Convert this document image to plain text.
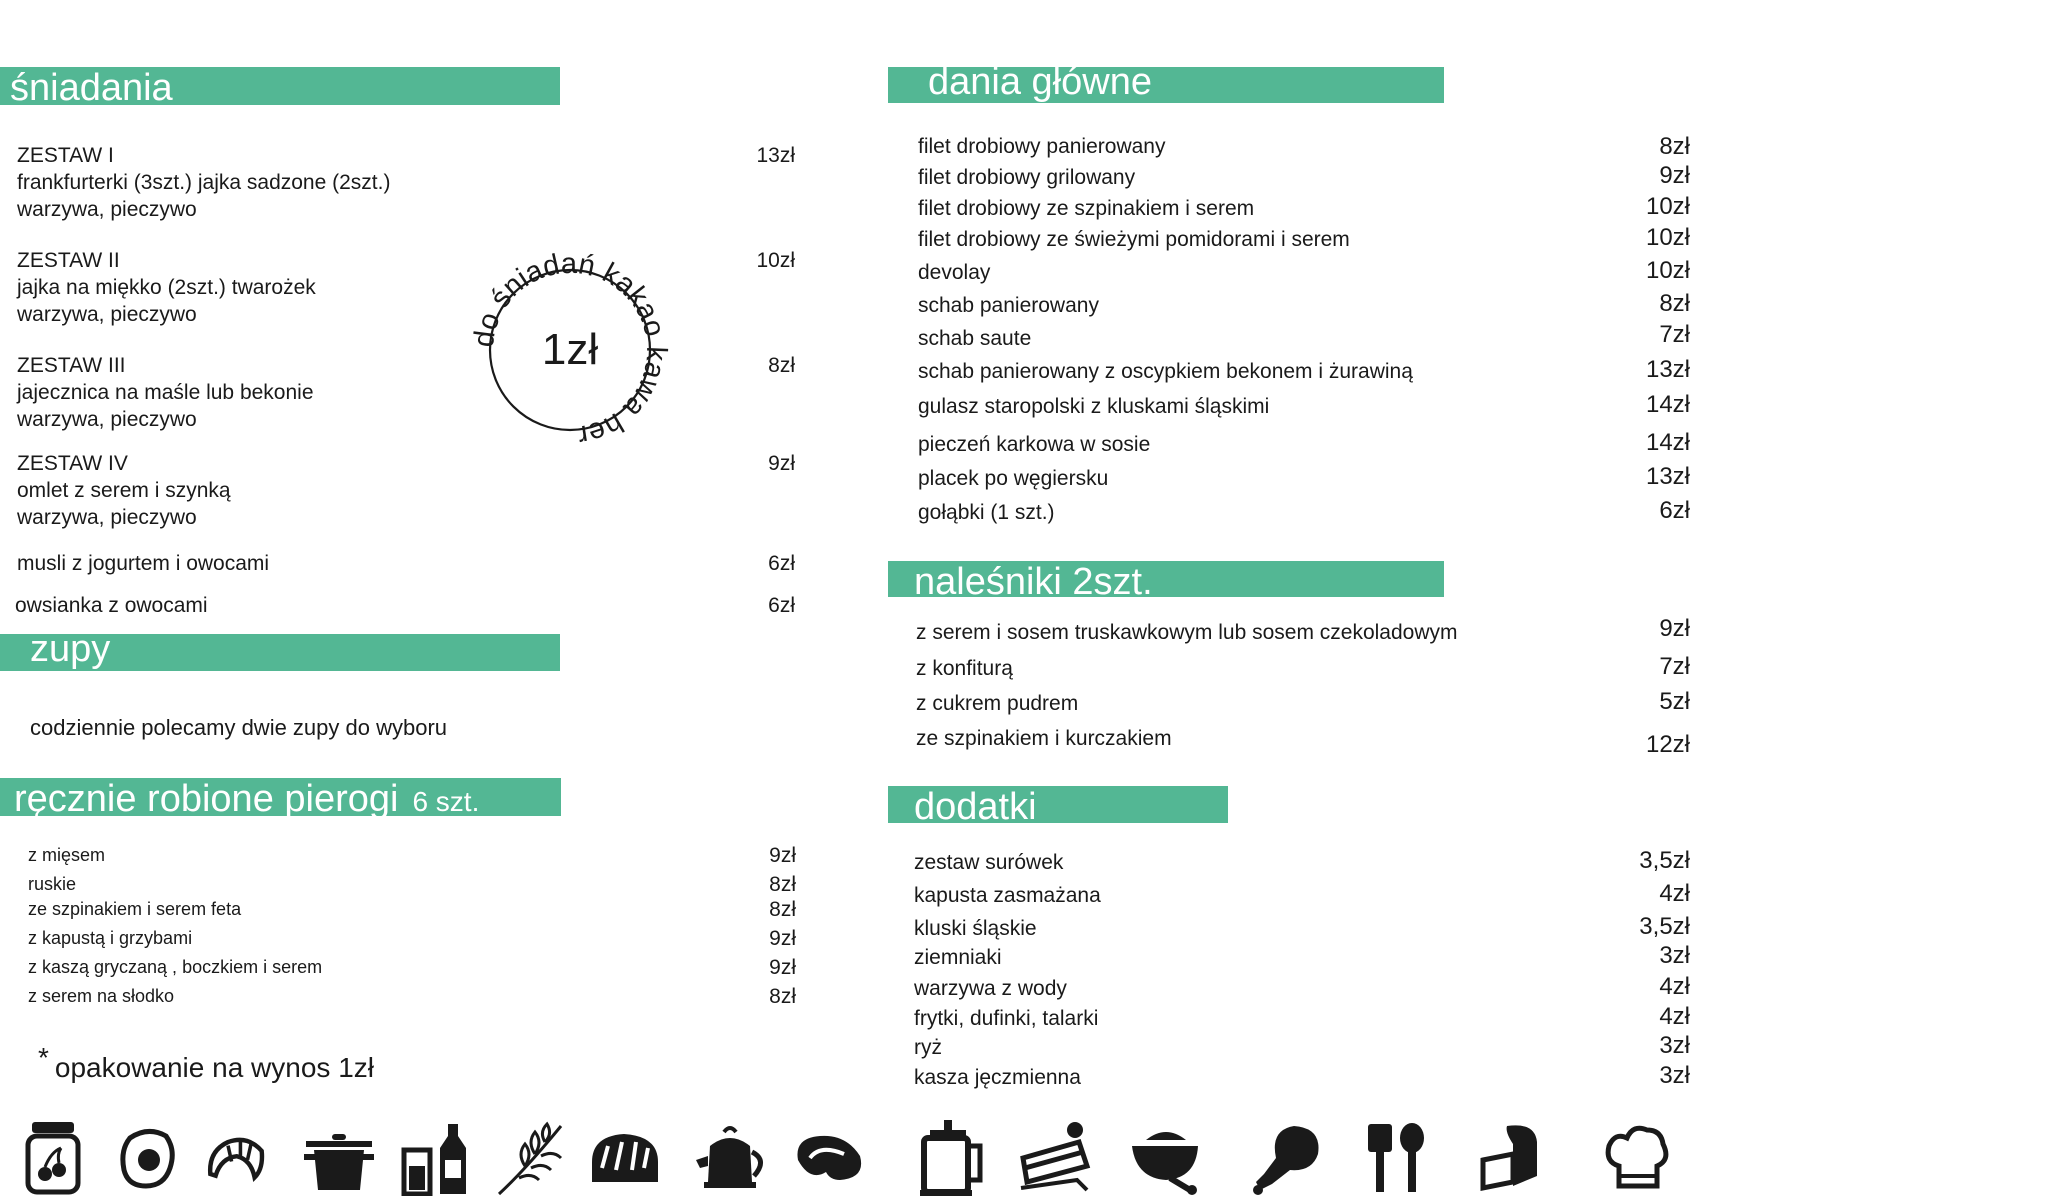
śniadania
ZESTAW I
frankfurterki (3szt.) jajka sadzone (2szt.)
warzywa, pieczywo
13zł
ZESTAW II
jajka na miękko (2szt.) twarożek
warzywa, pieczywo
10zł
ZESTAW III
jajecznica na maśle lub bekonie
warzywa, pieczywo
8zł
ZESTAW IV
omlet z serem i szynką
warzywa, pieczywo
9zł
musli z jogurtem i owocami	6zł
owsianka z owocami	6zł
do śniadań kakao kawa her
1zł
zupy
codziennie polecamy dwie zupy do wyboru
ręcznie robione pierogi 6 szt.
z mięsem	9zł
ruskie	8zł
ze szpinakiem i serem feta	8zł
z kapustą i grzybami	9zł
z kaszą gryczaną , boczkiem i serem	9zł
z serem na słodko	8zł
* opakowanie na wynos 1zł
dania główne
filet drobiowy panierowany	8zł
filet drobiowy grilowany	9zł
filet drobiowy ze szpinakiem i serem	10zł
filet drobiowy ze świeżymi pomidorami i serem	10zł
devolay	10zł
schab panierowany	8zł
schab saute	7zł
schab panierowany z oscypkiem bekonem i żurawiną	13zł
gulasz staropolski z kluskami śląskimi	14zł
pieczeń karkowa w sosie	14zł
placek po węgiersku	13zł
gołąbki (1 szt.)	6zł
naleśniki 2szt.
z serem i sosem truskawkowym lub sosem czekoladowym	9zł
z konfiturą	7zł
z cukrem pudrem	5zł
ze szpinakiem i kurczakiem	12zł
dodatki
zestaw surówek	3,5zł
kapusta zasmażana	4zł
kluski śląskie	3,5zł
ziemniaki	3zł
warzywa z wody	4zł
frytki, dufinki, talarki	4zł
ryż	3zł
kasza jęczmienna	3zł
